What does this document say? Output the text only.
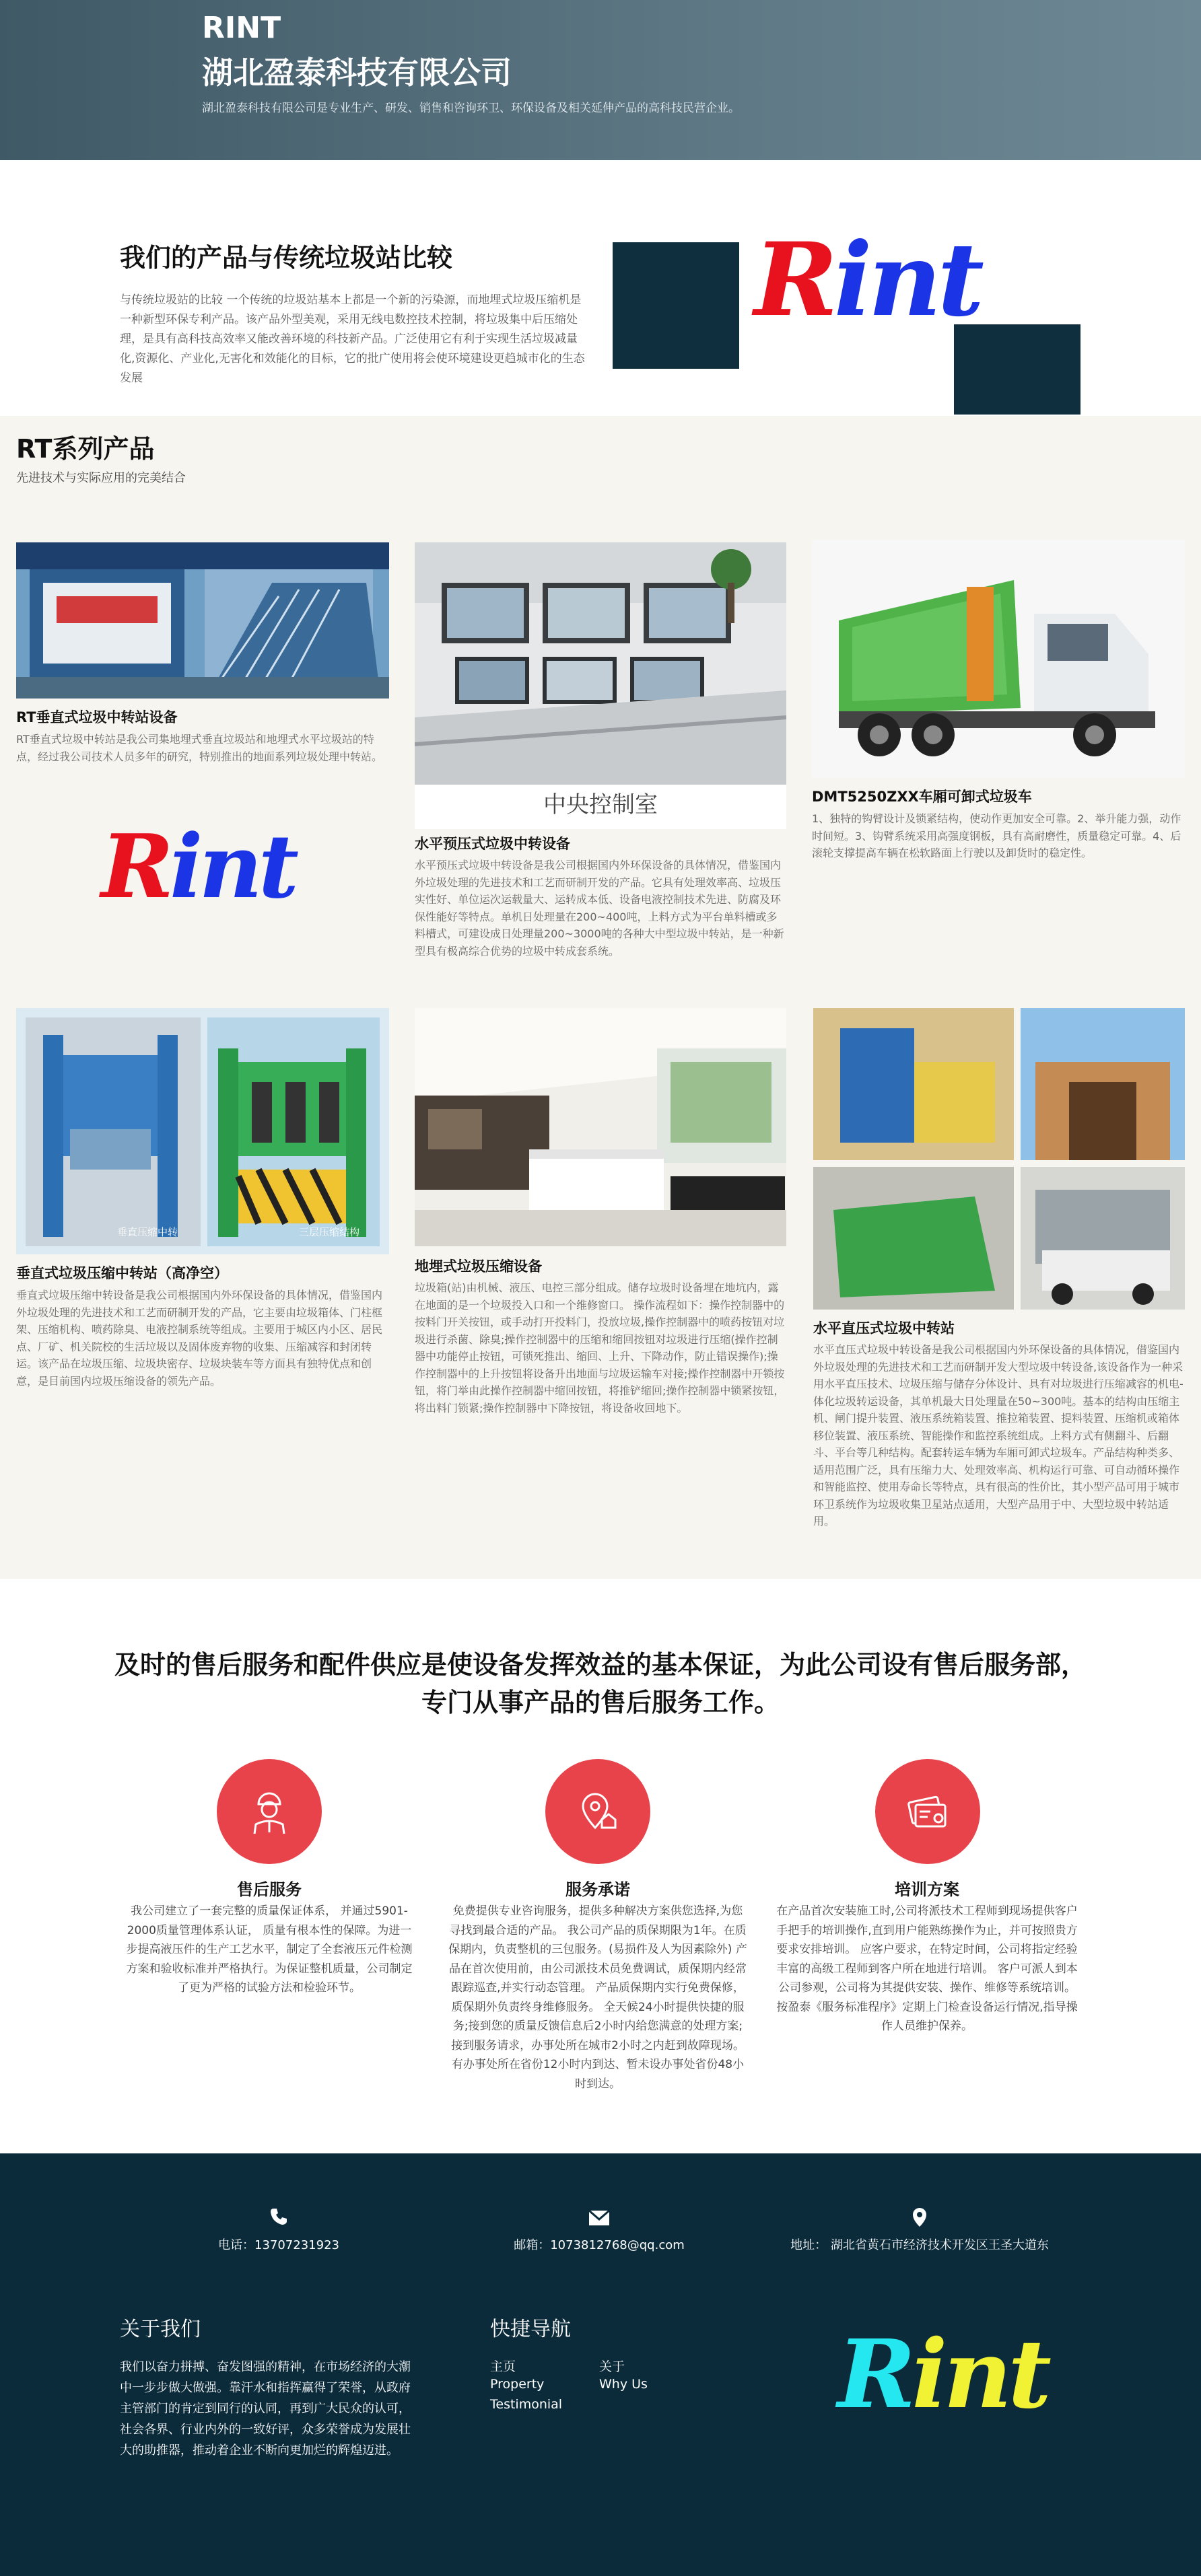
RINT
湖北盈泰科技有限公司
湖北盈泰科技有限公司是专业生产、研发、销售和咨询环卫、环保设备及相关延伸产品的高科技民营企业。
我们的产品与传统垃圾站比较
与传统垃圾站的比较 一个传统的垃圾站基本上都是一个新的污染源，而地埋式垃圾压缩机是一种新型环保专利产品。该产品外型美观，采用无线电数控技术控制，将垃圾集中后压缩处理，是具有高科技高效率又能改善环境的科技新产品。广泛使用它有利于实现生活垃圾减量化,资源化、产业化,无害化和效能化的目标，它的批广使用将会使环境建设更趋城市化的生态发展
Rint
RT系列产品
先进技术与实际应用的完美结合
RT垂直式垃圾中转站设备
RT垂直式垃圾中转站是我公司集地埋式垂直垃圾站和地埋式水平垃圾站的特点，经过我公司技术人员多年的研究，特别推出的地面系列垃圾处理中转站。
Rint
中央控制室
水平预压式垃圾中转设备
水平预压式垃圾中转设备是我公司根据国内外环保设备的具体情况，借鉴国内外垃圾处理的先进技术和工艺而研制开发的产品。它具有处理效率高、垃圾压实性好、单位运次运载量大、运转成本低、设备电液控制技术先进、防腐及环保性能好等特点。单机日处理量在200~400吨，上料方式为平台单料槽或多料槽式，可建设成日处理量200~3000吨的各种大中型垃圾中转站，是一种新型具有极高综合优势的垃圾中转成套系统。
DMT5250ZXX车厢可卸式垃圾车
1、独特的钩臂设计及锁紧结构，使动作更加安全可靠。2、举升能力强，动作时间短。3、钩臂系统采用高强度钢板，具有高耐磨性，质量稳定可靠。4、后滚轮支撑提高车辆在松软路面上行驶以及卸货时的稳定性。
垂直压缩中转	三层压缩结构
垂直式垃圾压缩中转站（高净空）
垂直式垃圾压缩中转设备是我公司根据国内外环保设备的具体情况，借鉴国内外垃圾处理的先进技术和工艺而研制开发的产品，它主要由垃圾箱体、门柱框架、压缩机构、喷药除臭、电液控制系统等组成。主要用于城区内小区、居民点、厂矿、机关院校的生活垃圾以及固体废弃物的收集、压缩减容和封闭转运。该产品在垃圾压缩、垃圾块密存、垃圾块装车等方面具有独特优点和创意，是目前国内垃圾压缩设备的领先产品。
地埋式垃圾压缩设备
垃圾箱(站)由机械、液压、电控三部分组成。储存垃圾时设备埋在地坑内，露在地面的是一个垃圾投入口和一个维修窗口。 操作流程如下：操作控制器中的按料门开关按钮，或手动打开投料门，投放垃圾,操作控制器中的喷药按钮对垃圾进行杀菌、除臭;操作控制器中的压缩和缩回按钮对垃圾进行压缩(操作控制器中功能停止按钮，可锁死推出、缩回、上升、下降动作，防止错误操作);操作控制器中的上升按钮将设备升出地面与垃圾运输车对接;操作控制器中开锁按钮，将门举由此操作控制器中缩回按钮，将推铲缩回;操作控制器中锁紧按钮，将出料门锁紧;操作控制器中下降按钮，将设备收回地下。
水平直压式垃圾中转站
水平直压式垃圾中转设备是我公司根据国内外环保设备的具体情况，借鉴国内外垃圾处理的先进技术和工艺而研制开发大型垃圾中转设备,该设备作为一种采用水平直压技术、垃圾压缩与储存分体设计、具有对垃圾进行压缩减容的机电-体化垃圾转运设备，其单机最大日处理量在50~300吨。基本的结构由压缩主机、闸门提升装置、液压系统箱装置、推拉箱装置、提料装置、压缩机或箱体移位装置、液压系统、智能操作和监控系统组成。上料方式有侧翻斗、后翻斗、平台等几种结构。配套转运车辆为车厢可卸式垃圾车。产品结构种类多、适用范围广泛，具有压缩力大、处理效率高、机构运行可靠、可自动循环操作和智能监控、使用寿命长等特点，具有很高的性价比，其小型产品可用于城市环卫系统作为垃圾收集卫星站点适用，大型产品用于中、大型垃圾中转站适用。
及时的售后服务和配件供应是使设备发挥效益的基本保证，为此公司设有售后服务部，专门从事产品的售后服务工作。
售后服务
我公司建立了一套完整的质量保证体系， 并通过5901-2000质量管理体系认证， 质量有根本性的保障。为进一步提高液压件的生产工艺水平，制定了全套液压元件检测方案和验收标准并严格执行。为保证整机质量，公司制定了更为严格的试验方法和检验环节。
服务承诺
免费提供专业咨询服务，提供多种解决方案供您选择,为您寻找到最合适的产品。 我公司产品的质保期限为1年。在质保期内，负责整机的三包服务。(易损件及人为因素除外) 产品在首次使用前，由公司派技术员免费调试，质保期内经常跟踪巡查,并实行动态管理。 产品质保期内实行免费保修，质保期外负责终身维修服务。 全天候24小时提供快捷的服务;接到您的质量反馈信息后2小时内给您满意的处理方案;接到服务请求，办事处所在城市2小时之内赶到故障现场。有办事处所在省份12小时内到达、暂未设办事处省份48小时到达。
培训方案
在产品首次安装施工时,公司将派技术工程师到现场提供客户手把手的培训操作,直到用户能熟练操作为止，并可按照贵方要求安排培训。 应客户要求，在特定时间，公司将指定经验丰富的高级工程师到客户所在地进行培训。 客户可派人到本公司参观，公司将为其提供安装、操作、维修等系统培训。 按盈泰《服务标准程序》定期上门检查设备运行情况,指导操作人员维护保养。
电话：13707231923	邮箱：1073812768@qq.com	地址： 湖北省黄石市经济技术开发区王圣大道东
关于我们
我们以奋力拼搏、奋发图强的精神，在市场经济的大潮中一步步做大做强。靠汗水和指挥赢得了荣誉，从政府主管部门的肯定到同行的认同，再到广大民众的认可，社会各界、行业内外的一致好评，众多荣誉成为发展壮大的助推器，推动着企业不断向更加烂的辉煌迈进。
快捷导航
主页	关于
Property	Why Us
Testimonial	Rint
